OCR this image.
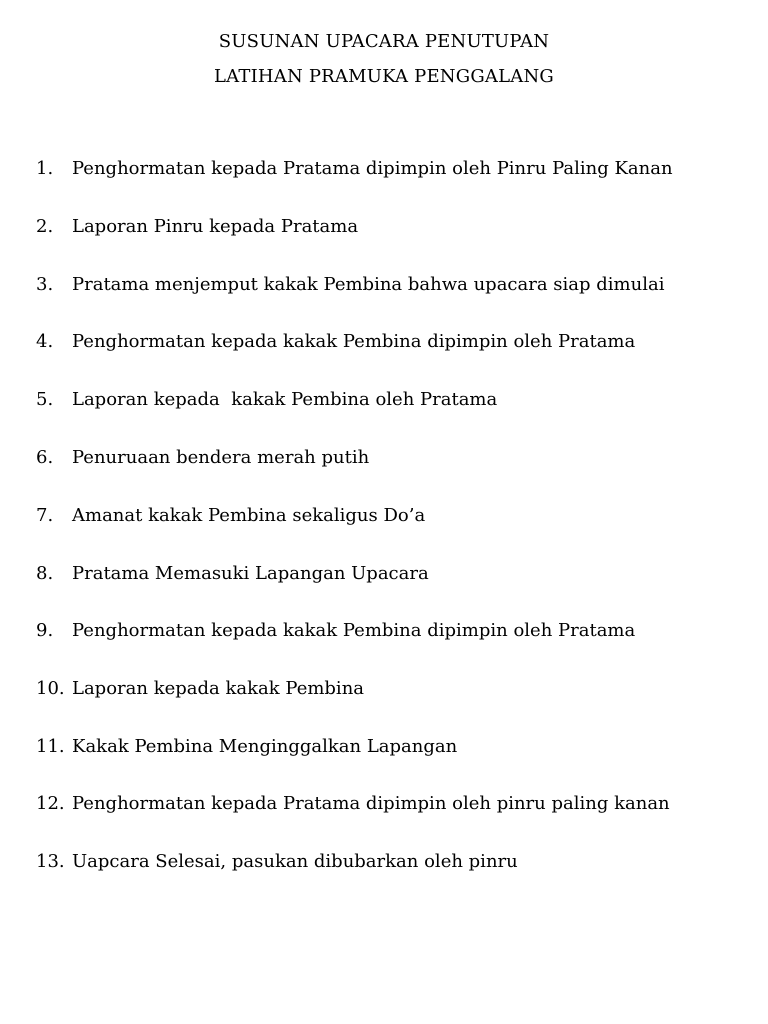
SUSUNAN UPACARA PENUTUPAN
LATIHAN PRAMUKA PENGGALANG
1. Penghormatan kepada Pratama dipimpin oleh Pinru Paling Kanan
2. Laporan Pinru kepada Pratama
3. Pratama menjemput kakak Pembina bahwa upacara siap dimulai
4. Penghormatan kepada kakak Pembina dipimpin oleh Pratama
5. Laporan kepada  kakak Pembina oleh Pratama
6. Penuruaan bendera merah putih
7. Amanat kakak Pembina sekaligus Do’a
8. Pratama Memasuki Lapangan Upacara
9. Penghormatan kepada kakak Pembina dipimpin oleh Pratama
10. Laporan kepada kakak Pembina
11. Kakak Pembina Menginggalkan Lapangan
12. Penghormatan kepada Pratama dipimpin oleh pinru paling kanan
13. Uapcara Selesai, pasukan dibubarkan oleh pinru
